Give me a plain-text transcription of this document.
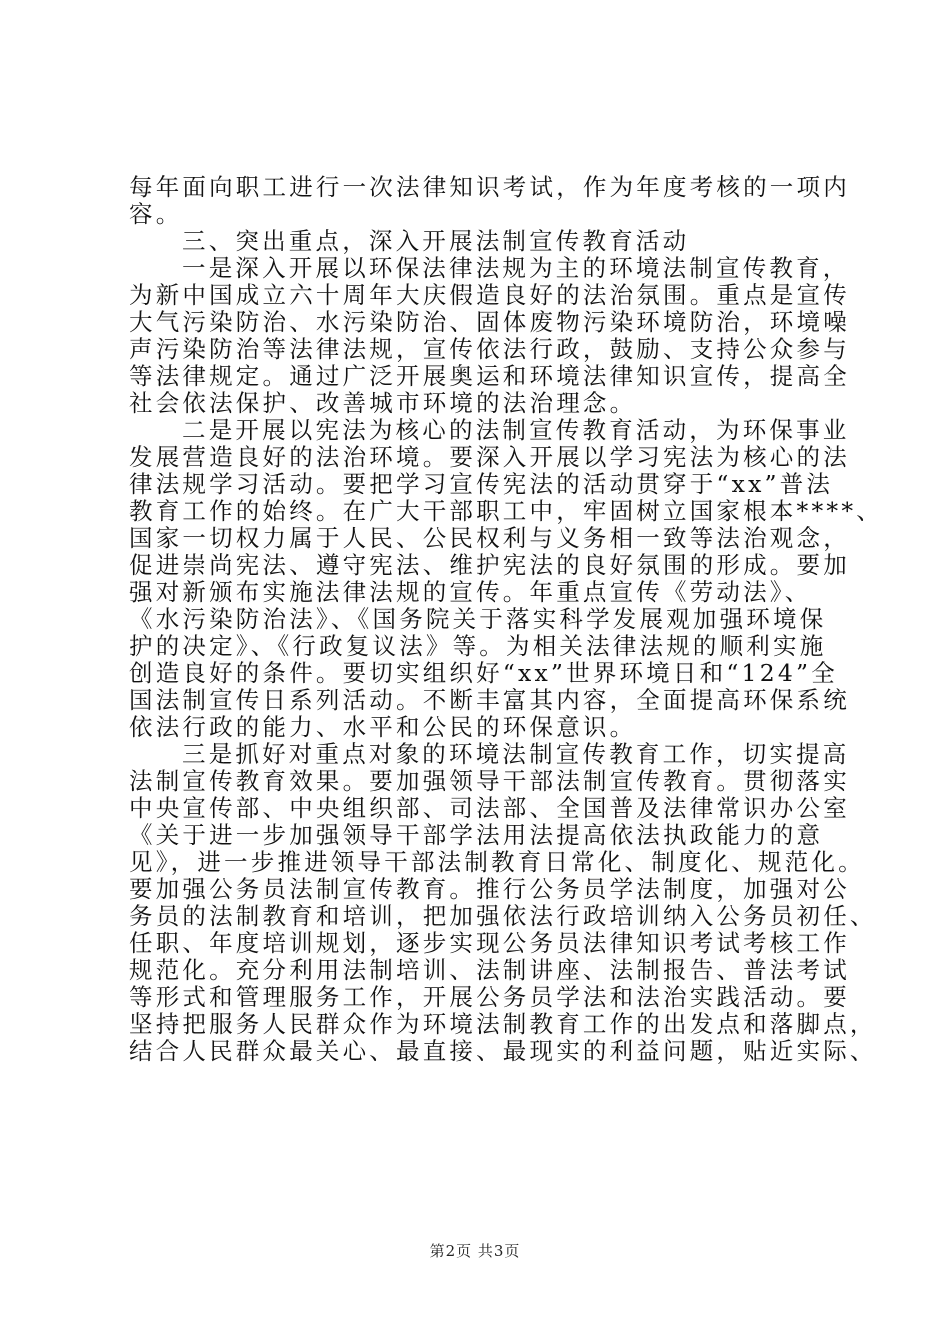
每年面向职工进行一次法律知识考试，作为年度考核的一项内
容。
三、突出重点，深入开展法制宣传教育活动
一是深入开展以环保法律法规为主的环境法制宣传教育，
为新中国成立六十周年大庆假造良好的法治氛围。重点是宣传
大气污染防治、水污染防治、固体废物污染环境防治，环境噪
声污染防治等法律法规，宣传依法行政，鼓励、支持公众参与
等法律规定。通过广泛开展奥运和环境法律知识宣传，提高全
社会依法保护、改善城市环境的法治理念。
二是开展以宪法为核心的法制宣传教育活动，为环保事业
发展营造良好的法治环境。要深入开展以学习宪法为核心的法
律法规学习活动。要把学习宣传宪法的活动贯穿于“xx”普法
教育工作的始终。在广大干部职工中，牢固树立国家根本****、
国家一切权力属于人民、公民权利与义务相一致等法治观念，
促进崇尚宪法、遵守宪法、维护宪法的良好氛围的形成。要加
强对新颁布实施法律法规的宣传。年重点宣传《劳动法》、
《水污染防治法》、《国务院关于落实科学发展观加强环境保
护的决定》、《行政复议法》等。为相关法律法规的顺利实施
创造良好的条件。要切实组织好“xx”世界环境日和“124”全
国法制宣传日系列活动。不断丰富其内容，全面提高环保系统
依法行政的能力、水平和公民的环保意识。
三是抓好对重点对象的环境法制宣传教育工作，切实提高
法制宣传教育效果。要加强领导干部法制宣传教育。贯彻落实
中央宣传部、中央组织部、司法部、全国普及法律常识办公室
《关于进一步加强领导干部学法用法提高依法执政能力的意
见》，进一步推进领导干部法制教育日常化、制度化、规范化。
要加强公务员法制宣传教育。推行公务员学法制度，加强对公
务员的法制教育和培训，把加强依法行政培训纳入公务员初任、
任职、年度培训规划，逐步实现公务员法律知识考试考核工作
规范化。充分利用法制培训、法制讲座、法制报告、普法考试
等形式和管理服务工作，开展公务员学法和法治实践活动。要
坚持把服务人民群众作为环境法制教育工作的出发点和落脚点，
结合人民群众最关心、最直接、最现实的利益问题，贴近实际、
第2页 共3页
